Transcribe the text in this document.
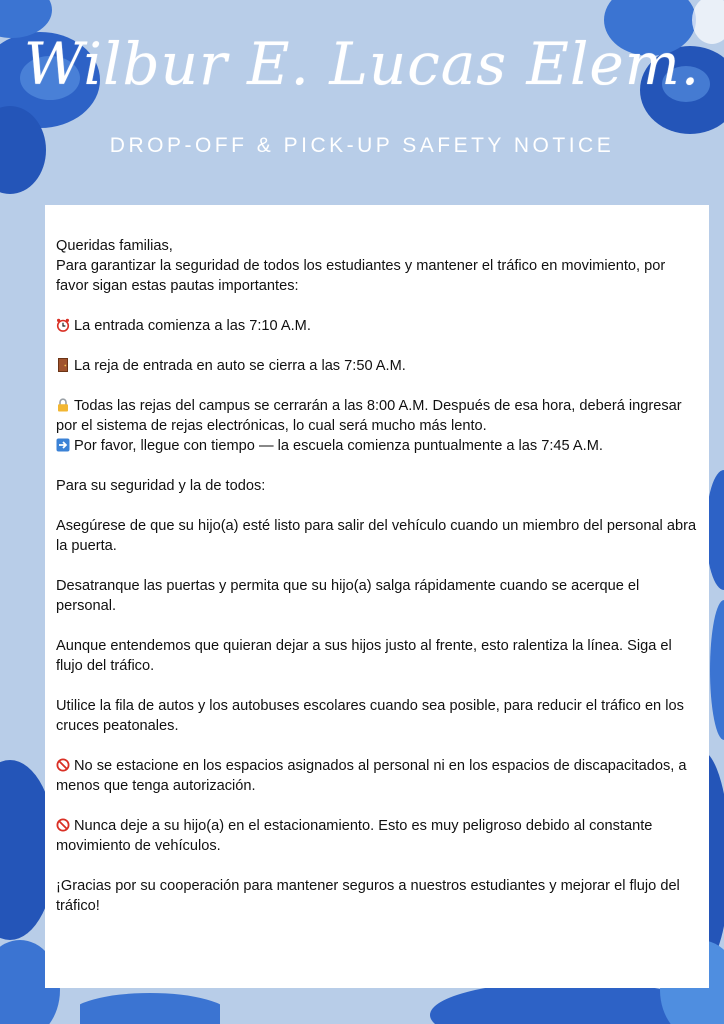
Wilbur E. Lucas Elem.
DROP-OFF & PICK-UP SAFETY NOTICE

Queridas familias,

Para garantizar la seguridad de todos los estudiantes y mantener el tráfico en movimiento, por favor sigan estas pautas importantes:

La entrada comienza a las 7:10 A.M.

La reja de entrada en auto se cierra a las 7:50 A.M.

Todas las rejas del campus se cerrarán a las 8:00 A.M. Después de esa hora, deberá ingresar por el sistema de rejas electrónicas, lo cual será mucho más lento.

Por favor, llegue con tiempo — la escuela comienza puntualmente a las 7:45 A.M.

Para su seguridad y la de todos:

Asegúrese de que su hijo(a) esté listo para salir del vehículo cuando un miembro del personal abra la puerta.

Desatranque las puertas y permita que su hijo(a) salga rápidamente cuando se acerque el personal.

Aunque entendemos que quieran dejar a sus hijos justo al frente, esto ralentiza la línea. Siga el flujo del tráfico.

Utilice la fila de autos y los autobuses escolares cuando sea posible, para reducir el tráfico en los cruces peatonales.

No se estacione en los espacios asignados al personal ni en los espacios de discapacitados, a menos que tenga autorización.

Nunca deje a su hijo(a) en el estacionamiento. Esto es muy peligroso debido al constante movimiento de vehículos.

¡Gracias por su cooperación para mantener seguros a nuestros estudiantes y mejorar el flujo del tráfico!
